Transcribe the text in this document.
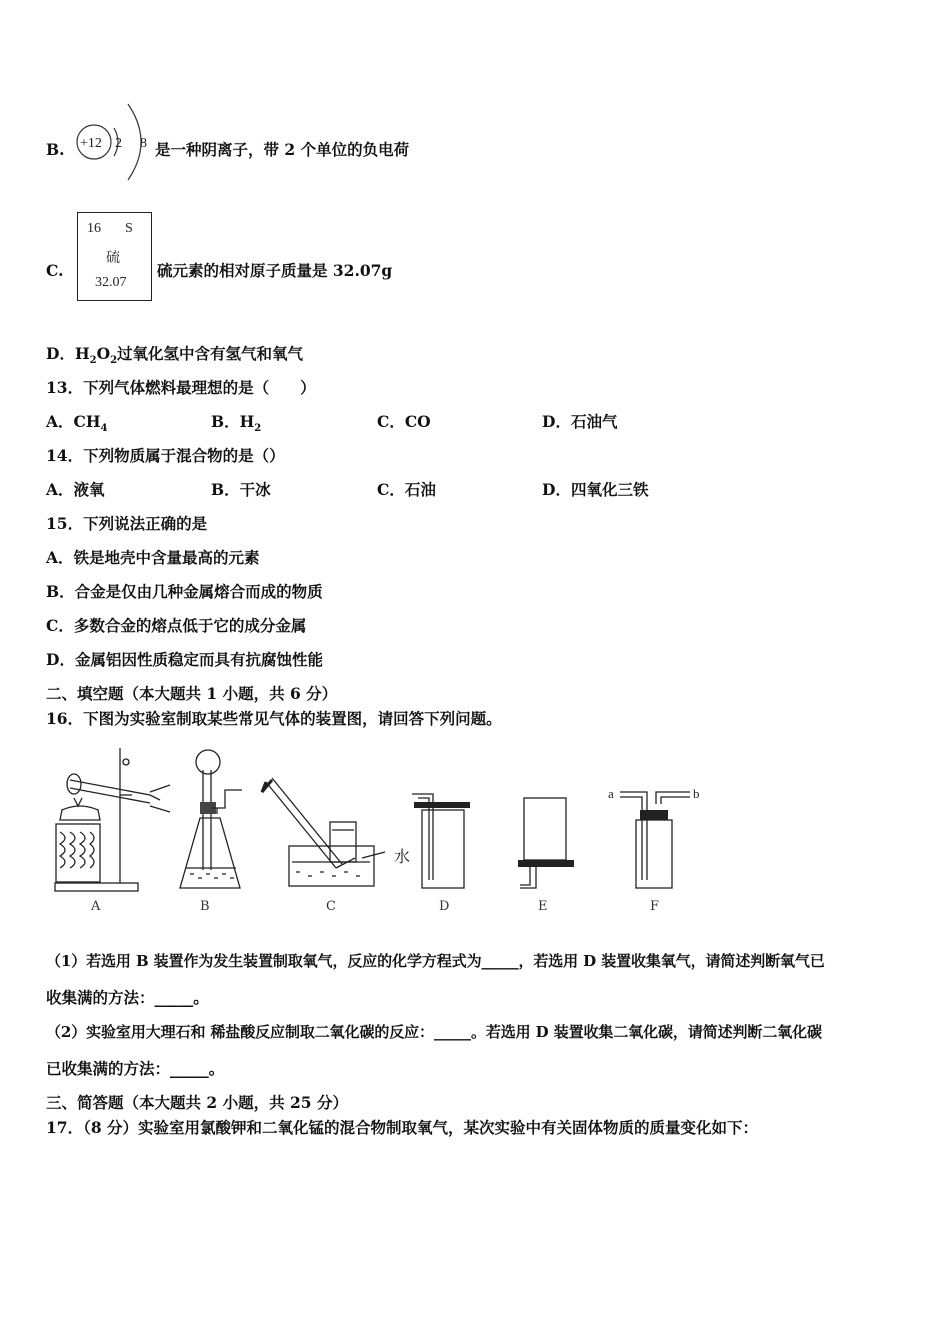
B. +12 2 8 是一种阴离子，带 2 个单位的负电荷
C.
16 S
硫
32.07
硫元素的相对原子质量是 32.07g
D．$H_2O_2$过氧化氢中含有氢气和氧气
13．下列气体燃料最理想的是（　　）
A．$CH_4$	B．$H_2$	C．CO	D．石油气
14．下列物质属于混合物的是（）
A．液氧	B．干冰	C．石油	D．四氧化三铁
15．下列说法正确的是
A．铁是地壳中含量最高的元素
B．合金是仅由几种金属熔合而成的物质
C．多数合金的熔点低于它的成分金属
D．金属铝因性质稳定而具有抗腐蚀性能
二、填空题（本大题共 1 小题，共 6 分）
16．下图为实验室制取某些常见气体的装置图，请回答下列问题。
水
a	b
A	B	C	D	E	F
（1）若选用 B 装置作为发生装置制取氧气，反应的化学方程式为_____，若选用 D 装置收集氧气，请简述判断氧气已
收集满的方法：_____。
（2）实验室用大理石和 稀盐酸反应制取二氧化碳的反应：_____。若选用 D 装置收集二氧化碳，请简述判断二氧化碳
已收集满的方法：_____。
三、简答题（本大题共 2 小题，共 25 分）
17．（8 分）实验室用氯酸钾和二氧化锰的混合物制取氧气，某次实验中有关固体物质的质量变化如下：
